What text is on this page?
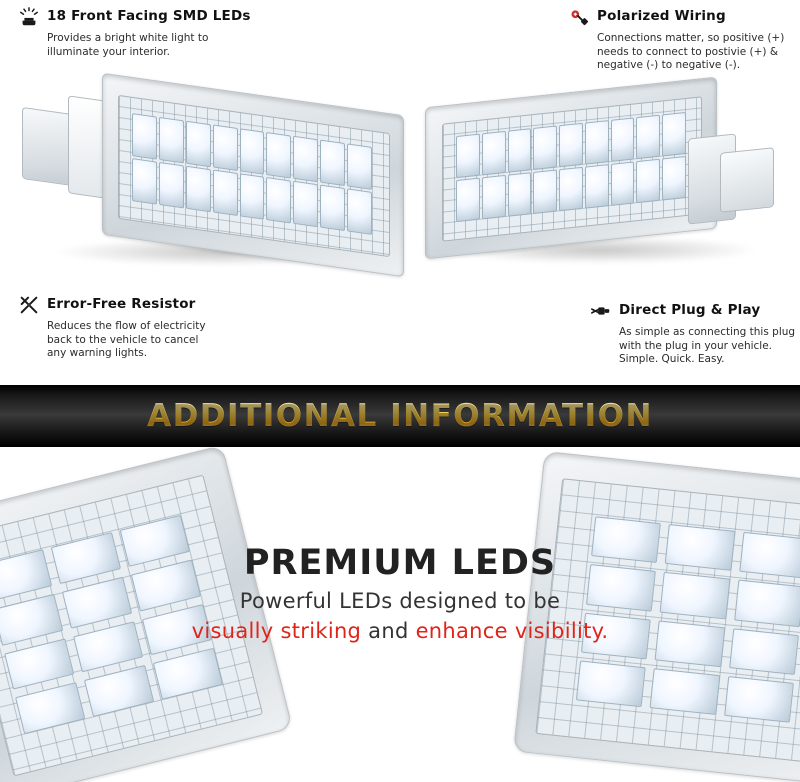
18 Front Facing SMD LEDs
Provides a bright white light to
illuminate your interior.
Polarized Wiring
Connections matter, so positive (+)
needs to connect to postivie (+) &
negative (-) to negative (-).
Error-Free Resistor
Reduces the flow of electricity
back to the vehicle to cancel
any warning lights.
Direct Plug & Play
As simple as connecting this plug
with the plug in your vehicle.
Simple. Quick. Easy.
ADDITIONAL INFORMATION
PREMIUM LEDS
Powerful LEDs designed to be
visually striking and enhance visibility.
